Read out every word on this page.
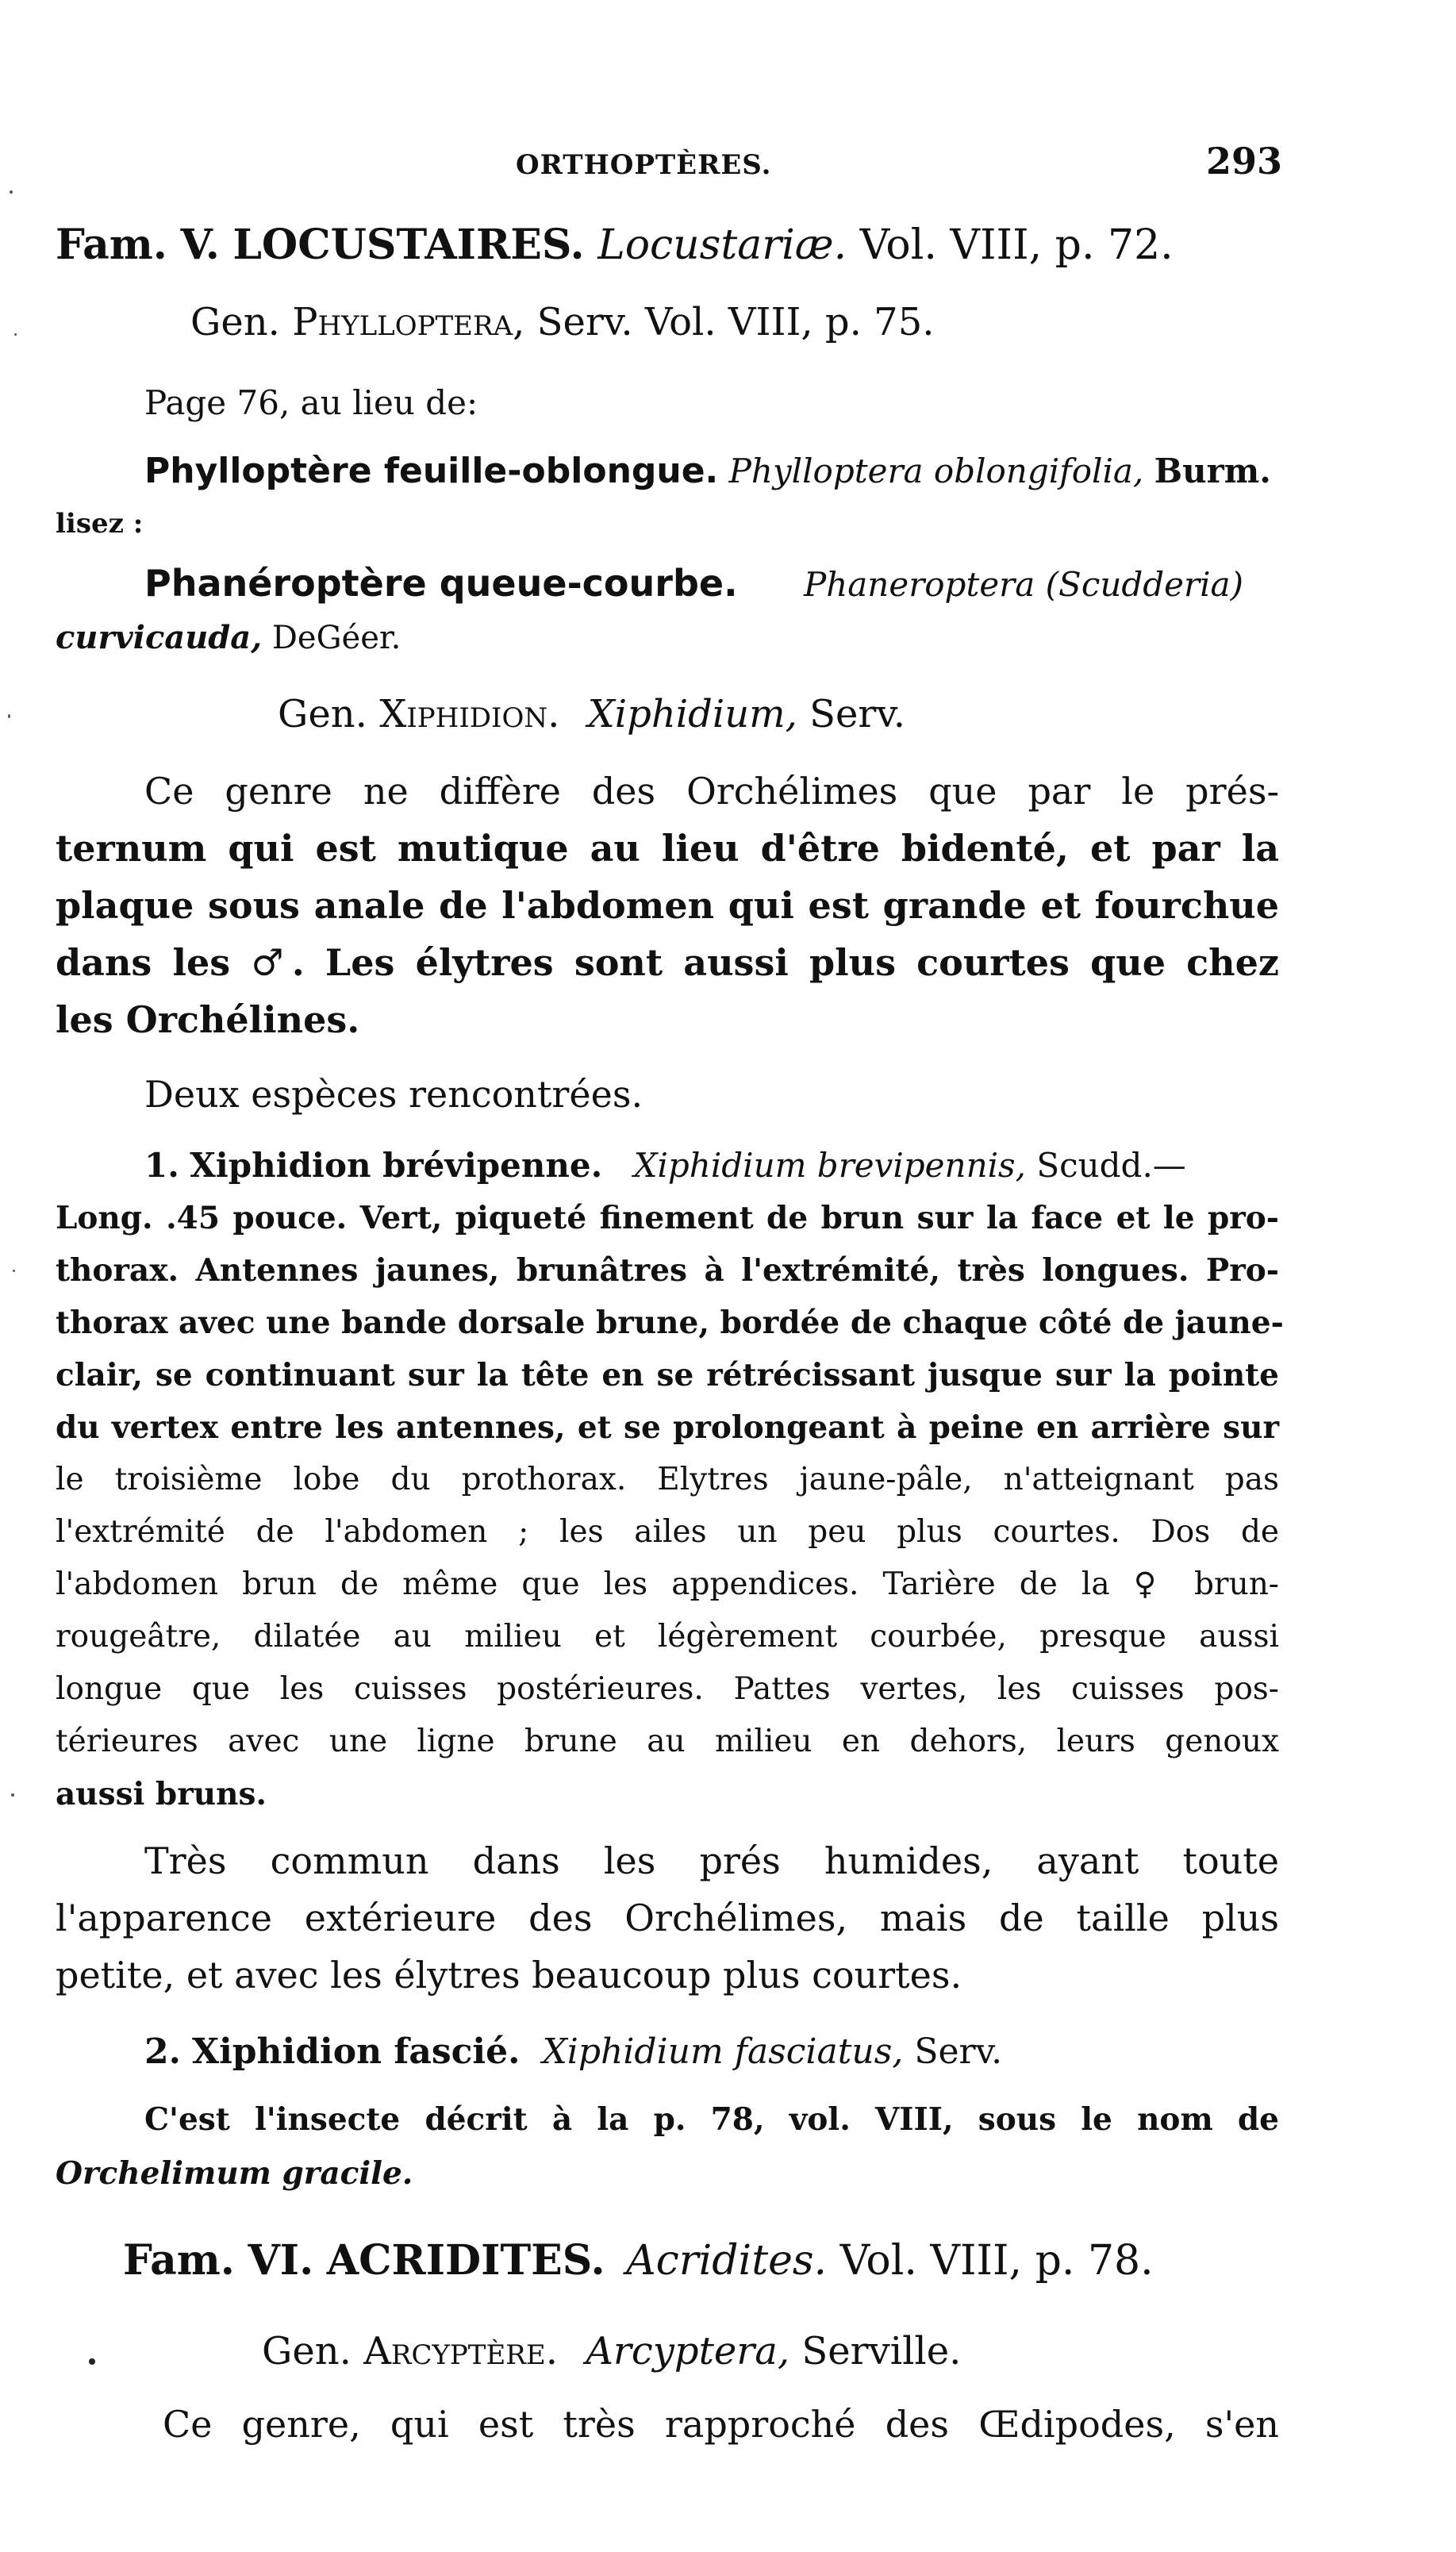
ORTHOPTÈRES.	293
Fam. V. LOCUSTAIRES. Locustariæ. Vol. VIII, p. 72.
Gen. Phylloptera, Serv. Vol. VIII, p. 75.
Page 76, au lieu de:
Phylloptère feuille-oblongue. Phylloptera oblongifolia, Burm.
lisez :
Phanéroptère queue-courbe. Phaneroptera (Scudderia)
curvicauda, DeGéer.
Gen. Xiphidion. Xiphidium, Serv.
Ce genre ne diffère des Orchélimes que par le prés-
ternum qui est mutique au lieu d'être bidenté, et par la
plaque sous anale de l'abdomen qui est grande et fourchue
dans les ♂. Les élytres sont aussi plus courtes que chez
les Orchélines.
Deux espèces rencontrées.
1. Xiphidion brévipenne. Xiphidium brevipennis, Scudd.—
Long. .45 pouce. Vert, piqueté finement de brun sur la face et le pro-
thorax. Antennes jaunes, brunâtres à l'extrémité, très longues. Pro-
thorax avec une bande dorsale brune, bordée de chaque côté de jaune-
clair, se continuant sur la tête en se rétrécissant jusque sur la pointe
du vertex entre les antennes, et se prolongeant à peine en arrière sur
le troisième lobe du prothorax. Elytres jaune-pâle, n'atteignant pas
l'extrémité de l'abdomen ; les ailes un peu plus courtes. Dos de
l'abdomen brun de même que les appendices. Tarière de la ♀ brun-
rougeâtre, dilatée au milieu et légèrement courbée, presque aussi
longue que les cuisses postérieures. Pattes vertes, les cuisses pos-
térieures avec une ligne brune au milieu en dehors, leurs genoux
aussi bruns.
Très commun dans les prés humides, ayant toute
l'apparence extérieure des Orchélimes, mais de taille plus
petite, et avec les élytres beaucoup plus courtes.
2. Xiphidion fascié. Xiphidium fasciatus, Serv.
C'est l'insecte décrit à la p. 78, vol. VIII, sous le nom de
Orchelimum gracile.
Fam. VI. ACRIDITES. Acridites. Vol. VIII, p. 78.
Gen. Arcyptère. Arcyptera, Serville.
Ce genre, qui est très rapproché des Œdipodes, s'en
